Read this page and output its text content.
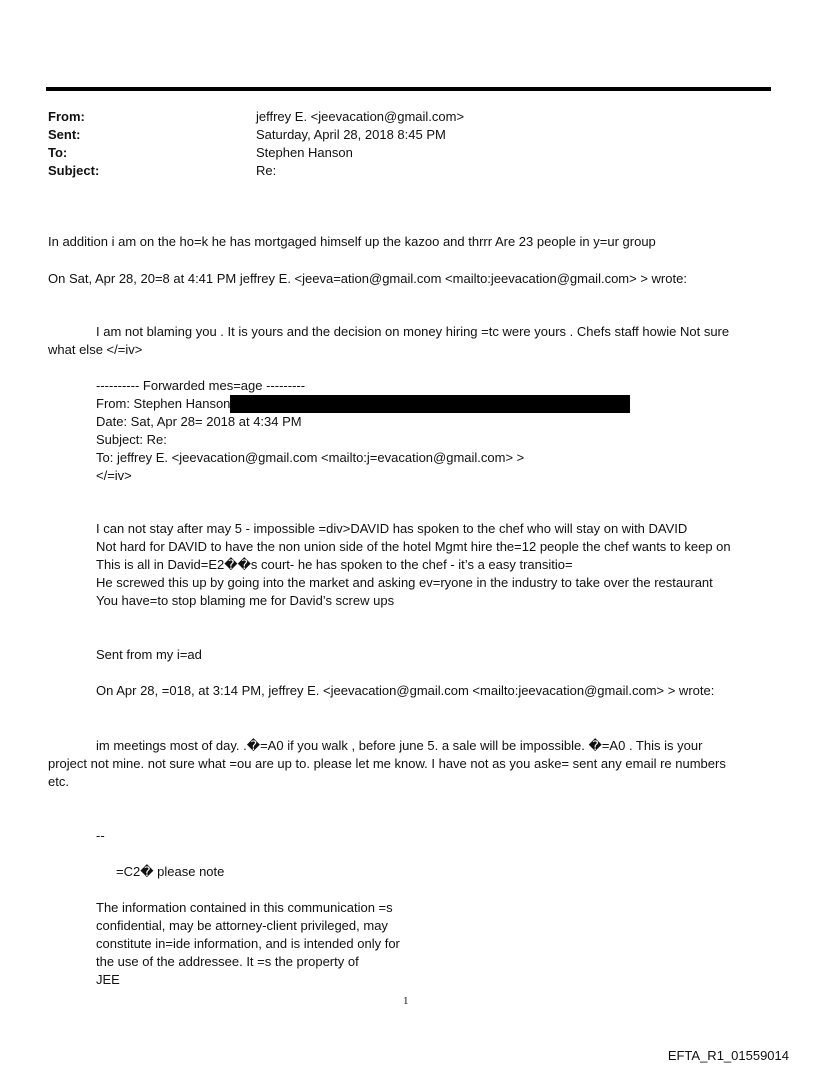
From:	jeffrey E. <jeevacation@gmail.com>
Sent:	Saturday, April 28, 2018 8:45 PM
To:	Stephen Hanson
Subject:	Re:
In addition i am on the ho=k he has mortgaged himself up the kazoo and thrrr Are 23 people in y=ur group
On Sat, Apr 28, 20=8 at 4:41 PM jeffrey E. <jeeva=ation@gmail.com <mailto:jeevacation@gmail.com> > wrote:
I am not blaming you . It is yours and the decision on money hiring =tc were yours . Chefs staff howie Not sure
what else </=iv>
---------- Forwarded mes=age ---------
From: Stephen Hanson
Date: Sat, Apr 28= 2018 at 4:34 PM
Subject: Re:
To: jeffrey E. <jeevacation@gmail.com <mailto:j=evacation@gmail.com> >
</=iv>
I can not stay after may 5 - impossible =div>DAVID has spoken to the chef who will stay on with DAVID
Not hard for DAVID to have the non union side of the hotel Mgmt hire the=12 people the chef wants to keep on
This is all in David=E2��s court- he has spoken to the chef - it’s a easy transitio=
He screwed this up by going into the market and asking ev=ryone in the industry to take over the restaurant
You have=to stop blaming me for David’s screw ups
Sent from my i=ad
On Apr 28, =018, at 3:14 PM, jeffrey E. <jeevacation@gmail.com <mailto:jeevacation@gmail.com> > wrote:
im meetings most of day. .�=A0 if you walk , before june 5. a sale will be impossible. �=A0 . This is your
project not mine. not sure what =ou are up to. please let me know. I have not as you aske= sent any email re numbers
etc.
--
=C2� please note
The information contained in this communication =s
confidential, may be attorney-client privileged, may
constitute in=ide information, and is intended only for
the use of the addressee. It =s the property of
JEE
1
EFTA_R1_01559014
